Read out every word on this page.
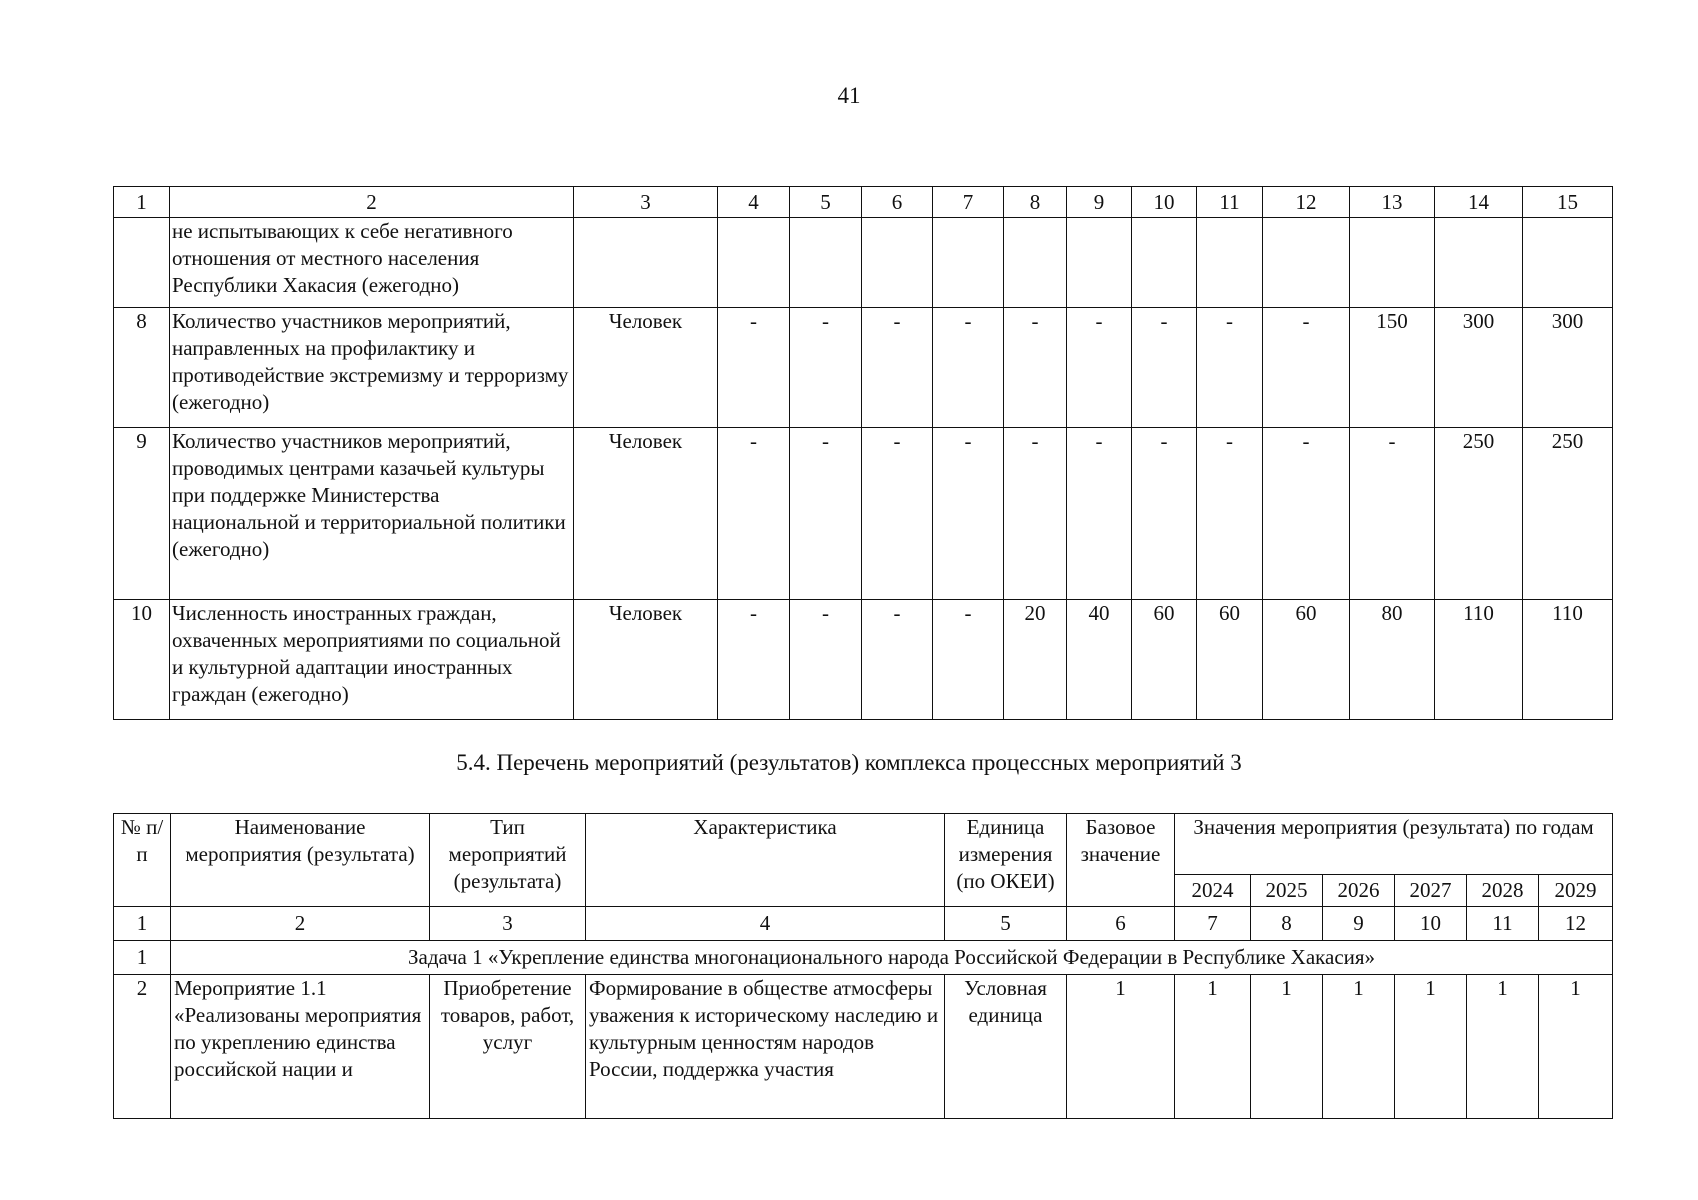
41
1	2	3	4	5	6	7	8	9	10	11	12	13	14	15
	не испытывающих к себе негативного отношения от местного населения Республики Хакасия (ежегодно)													
8	Количество участников мероприятий, направленных на профилактику и противодействие экстремизму и терроризму (ежегодно)	Человек	-	-	-	-	-	-	-	-	-	150	300	300
9	Количество участников мероприятий, проводимых центрами казачьей культуры при поддержке Министерства национальной и территориальной политики (ежегодно)	Человек	-	-	-	-	-	-	-	-	-	-	250	250
10	Численность иностранных граждан, охваченных мероприятиями по социальной и культурной адаптации иностранных граждан (ежегодно)	Человек	-	-	-	-	20	40	60	60	60	80	110	110
5.4. Перечень мероприятий (результатов) комплекса процессных мероприятий 3
№ п/п	Наименование мероприятия (результата)	Тип мероприятий (результата)	Характеристика	Единица измерения (по ОКЕИ)	Базовое значение	Значения мероприятия (результата) по годам					
						2024	2025	2026	2027	2028	2029
1	2	3	4	5	6	7	8	9	10	11	12
1	Задача 1 «Укрепление единства многонационального народа Российской Федерации в Республике Хакасия»										
2	Мероприятие 1.1 «Реализованы мероприятия по укреплению единства российской нации и	Приобретение товаров, работ, услуг	Формирование в обществе атмосферы уважения к историческому наследию и культурным ценностям народов России, поддержка участия	Условная единица	1	1	1	1	1	1	1
